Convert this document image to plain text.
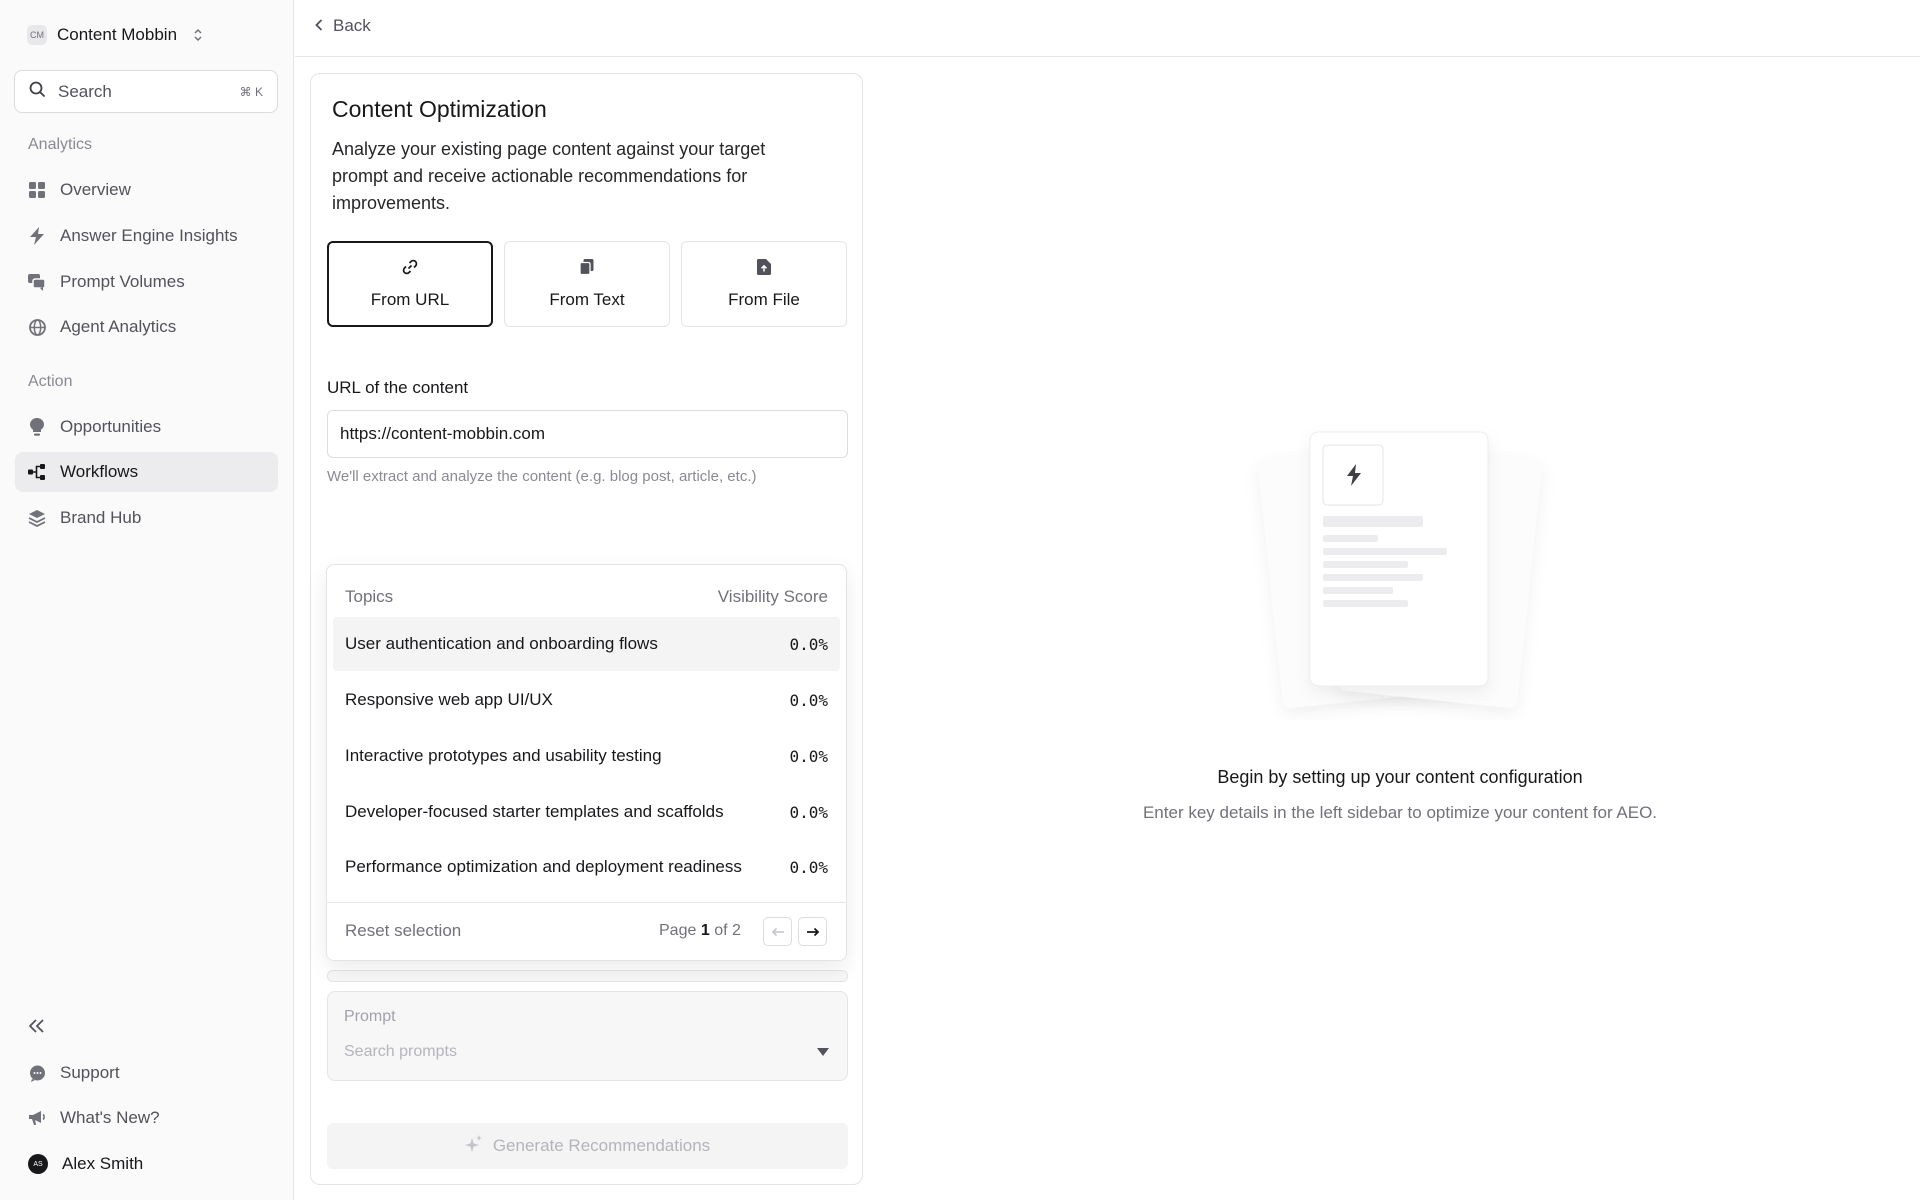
CM Content Mobbin
Search	⌘ K
Analytics
Overview
Answer Engine Insights
Prompt Volumes
Agent Analytics
Action
Opportunities
Workflows
Brand Hub
Support
What's New?
AS	Alex Smith
Back
Content Optimization

Analyze your existing page content against your target prompt and receive actionable recommendations for improvements.

From URL	From Text	From File
URL of the content
https://content-mobbin.com
We'll extract and analyze the content (e.g. blog post, article, etc.)
Prompt
Search prompts
Generate Recommendations
Topics	Visibility Score
User authentication and onboarding flows	0.0%
Responsive web app UI/UX	0.0%
Interactive prototypes and usability testing	0.0%
Developer-focused starter templates and scaffolds	0.0%
Performance optimization and deployment readiness	0.0%
Reset selection	Page 1 of 2
Begin by setting up your content configuration
Enter key details in the left sidebar to optimize your content for AEO.
